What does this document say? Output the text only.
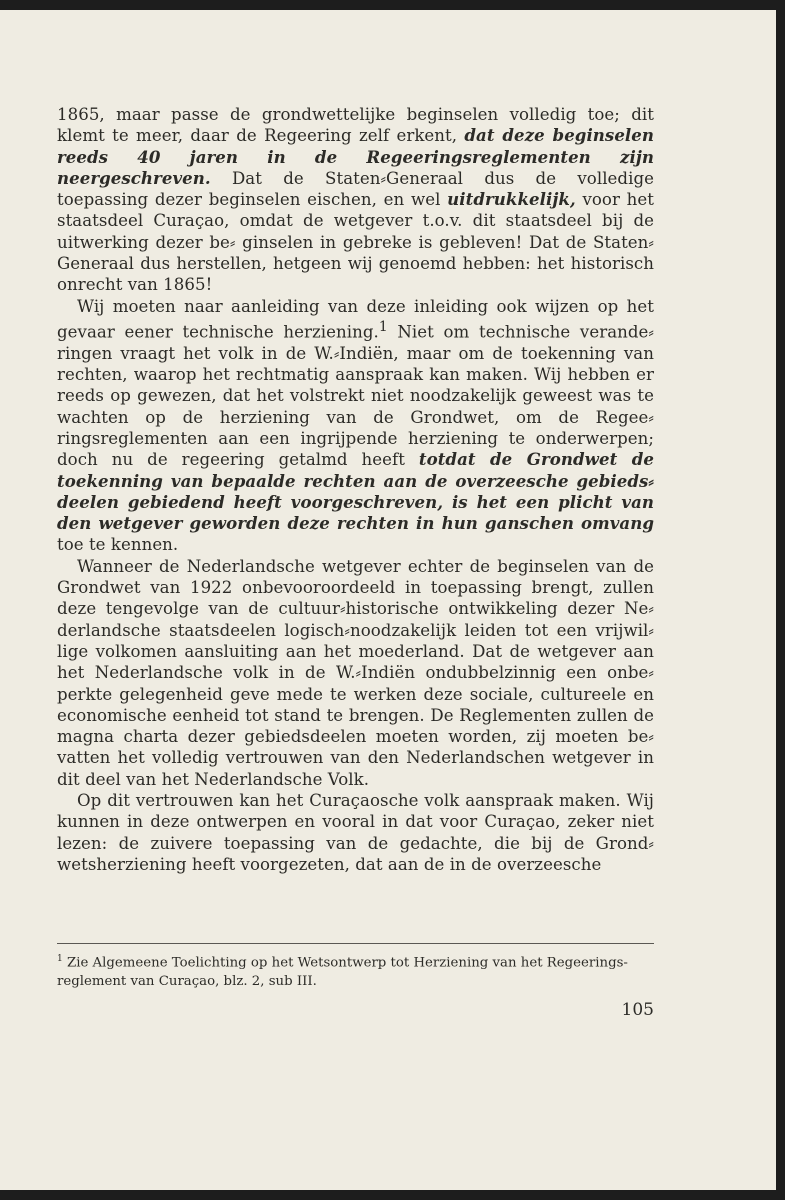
1865, maar passe de grondwettelijke beginselen volledig toe; dit klemt te meer, daar de Regeering zelf erkent, dat deze beginselen reeds 40 jaren in de Regeeringsreglementen zijn neergeschreven. Dat de Staten⸗Generaal dus de volledige toepassing dezer beginselen eischen, en wel uitdrukkelijk, voor het staatsdeel Curaçao, omdat de wetgever t.o.v. dit staatsdeel bij de uitwerking dezer be⸗ ginselen in gebreke is gebleven! Dat de Staten⸗Generaal dus herstellen, hetgeen wij genoemd hebben: het historisch onrecht van 1865!

Wij moeten naar aanleiding van deze inleiding ook wijzen op het gevaar eener technische herziening.$^1$ Niet om technische verande⸗ ringen vraagt het volk in de W.⸗Indiën, maar om de toekenning van rechten, waarop het rechtmatig aanspraak kan maken. Wij hebben er reeds op gewezen, dat het volstrekt niet noodzakelijk geweest was te wachten op de herziening van de Grondwet, om de Regee⸗ ringsreglementen aan een ingrijpende herziening te onderwerpen; doch nu de regeering getalmd heeft totdat de Grondwet de toekenning van bepaalde rechten aan de overzeesche gebieds⸗ deelen gebiedend heeft voorgeschreven, is het een plicht van den wetgever geworden deze rechten in hun ganschen omvang toe te kennen.

Wanneer de Nederlandsche wetgever echter de beginselen van de Grondwet van 1922 onbevooroordeeld in toepassing brengt, zullen deze tengevolge van de cultuur⸗historische ontwikkeling dezer Ne⸗ derlandsche staatsdeelen logisch⸗noodzakelijk leiden tot een vrijwil⸗ lige volkomen aansluiting aan het moederland. Dat de wetgever aan het Nederlandsche volk in de W.⸗Indiën ondubbelzinnig een onbe⸗ perkte gelegenheid geve mede te werken deze sociale, cultureele en economische eenheid tot stand te brengen. De Reglementen zullen de magna charta dezer gebiedsdeelen moeten worden, zij moeten be⸗ vatten het volledig vertrouwen van den Nederlandschen wetgever in dit deel van het Nederlandsche Volk.

Op dit vertrouwen kan het Curaçaosche volk aanspraak maken. Wij kunnen in deze ontwerpen en vooral in dat voor Curaçao, zeker niet lezen: de zuivere toepassing van de gedachte, die bij de Grond⸗ wetsherziening heeft voorgezeten, dat aan de in de overzeesche

$^1$ Zie Algemeene Toelichting op het Wetsontwerp tot Herziening van het Regeerings- reglement van Curaçao, blz. 2, sub III.
105
